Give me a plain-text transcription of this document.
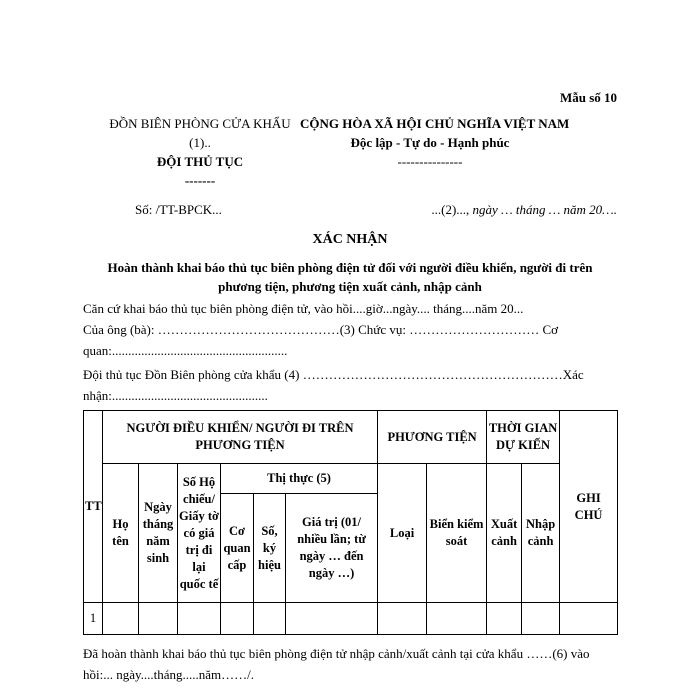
Mẫu số 10
ĐỒN BIÊN PHÒNG CỬA KHẨU
(1)..
ĐỘI THỦ TỤC
-------
Số: /TT-BPCK...
CỘNG HÒA XÃ HỘI CHỦ NGHĨA VIỆT NAM
Độc lập - Tự do - Hạnh phúc
---------------
...(2)..., ngày … tháng … năm 20….
XÁC NHẬN
Hoàn thành khai báo thủ tục biên phòng điện tử đối với người điều khiển, người đi trên
phương tiện, phương tiện xuất cảnh, nhập cảnh
Căn cứ khai báo thủ tục biên phòng điện tử, vào hồi....giờ...ngày.... tháng....năm 20...
Của ông (bà): ……………………………………(3) Chức vụ: ………………………… Cơ
quan:......................................................
Đội thủ tục Đồn Biên phòng cửa khẩu (4) ……………………………………………………Xác
nhận:................................................
TT	NGƯỜI ĐIỀU KHIỂN/ NGƯỜI ĐI TRÊN PHƯƠNG TIỆN						PHƯƠNG TIỆN		THỜI GIAN DỰ KIẾN		GHI CHÚ
	Họ tên	Ngày tháng năm sinh	Số Hộ chiếu/ Giấy tờ có giá trị đi lại quốc tế	Thị thực (5)			Loại	Biển kiểm soát	Xuất cảnh	Nhập cảnh	
				Cơ quan cấp	Số, ký hiệu	Giá trị (01/ nhiều lần; từ ngày … đến ngày …)					
1											
Đã hoàn thành khai báo thủ tục biên phòng điện tử nhập cảnh/xuất cảnh tại cửa khẩu ……(6) vào
hồi:... ngày....tháng.....năm……/.
